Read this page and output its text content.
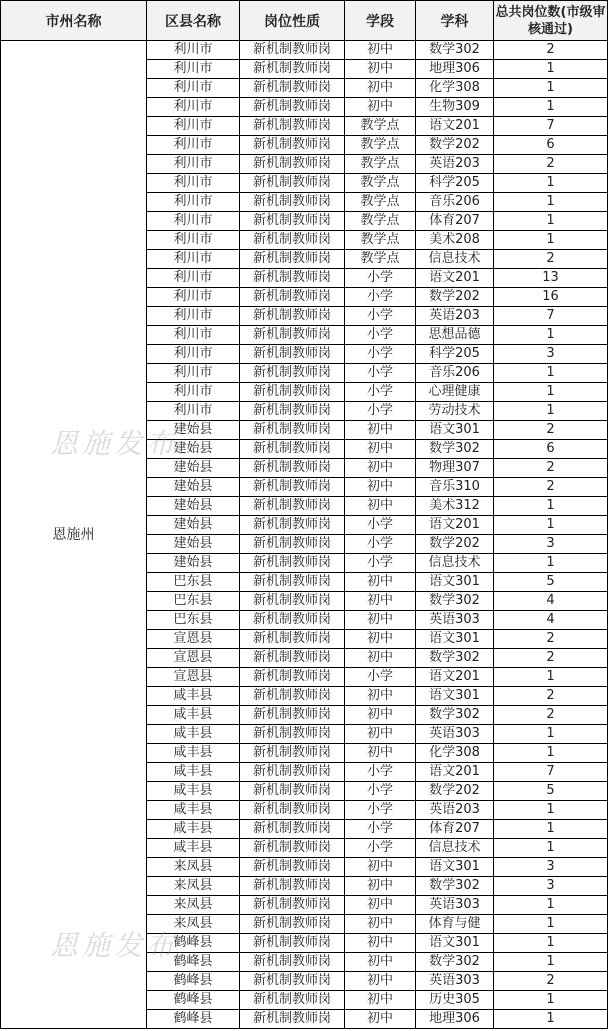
市州名称	区县名称	岗位性质	学段	学科	总共岗位数(市级审核通过)
恩施州	利川市	新机制教师岗	初中	数学302	2
	利川市	新机制教师岗	初中	地理306	1
	利川市	新机制教师岗	初中	化学308	1
	利川市	新机制教师岗	初中	生物309	1
	利川市	新机制教师岗	教学点	语文201	7
	利川市	新机制教师岗	教学点	数学202	6
	利川市	新机制教师岗	教学点	英语203	2
	利川市	新机制教师岗	教学点	科学205	1
	利川市	新机制教师岗	教学点	音乐206	1
	利川市	新机制教师岗	教学点	体育207	1
	利川市	新机制教师岗	教学点	美术208	1
	利川市	新机制教师岗	教学点	信息技术	2
	利川市	新机制教师岗	小学	语文201	13
	利川市	新机制教师岗	小学	数学202	16
	利川市	新机制教师岗	小学	英语203	7
	利川市	新机制教师岗	小学	思想品德	1
	利川市	新机制教师岗	小学	科学205	3
	利川市	新机制教师岗	小学	音乐206	1
	利川市	新机制教师岗	小学	心理健康	1
	利川市	新机制教师岗	小学	劳动技术	1
	建始县	新机制教师岗	初中	语文301	2
	建始县	新机制教师岗	初中	数学302	6
	建始县	新机制教师岗	初中	物理307	2
	建始县	新机制教师岗	初中	音乐310	2
	建始县	新机制教师岗	初中	美术312	1
	建始县	新机制教师岗	小学	语文201	1
	建始县	新机制教师岗	小学	数学202	3
	建始县	新机制教师岗	小学	信息技术	1
	巴东县	新机制教师岗	初中	语文301	5
	巴东县	新机制教师岗	初中	数学302	4
	巴东县	新机制教师岗	初中	英语303	4
	宣恩县	新机制教师岗	初中	语文301	2
	宣恩县	新机制教师岗	初中	数学302	2
	宣恩县	新机制教师岗	小学	语文201	1
	咸丰县	新机制教师岗	初中	语文301	2
	咸丰县	新机制教师岗	初中	数学302	2
	咸丰县	新机制教师岗	初中	英语303	1
	咸丰县	新机制教师岗	初中	化学308	1
	咸丰县	新机制教师岗	小学	语文201	7
	咸丰县	新机制教师岗	小学	数学202	5
	咸丰县	新机制教师岗	小学	英语203	1
	咸丰县	新机制教师岗	小学	体育207	1
	咸丰县	新机制教师岗	小学	信息技术	1
	来凤县	新机制教师岗	初中	语文301	3
	来凤县	新机制教师岗	初中	数学302	3
	来凤县	新机制教师岗	初中	英语303	1
	来凤县	新机制教师岗	初中	体育与健	1
	鹤峰县	新机制教师岗	初中	语文301	1
	鹤峰县	新机制教师岗	初中	数学302	1
	鹤峰县	新机制教师岗	初中	英语303	2
	鹤峰县	新机制教师岗	初中	历史305	1
	鹤峰县	新机制教师岗	初中	地理306	1
恩施发布
恩施发布
